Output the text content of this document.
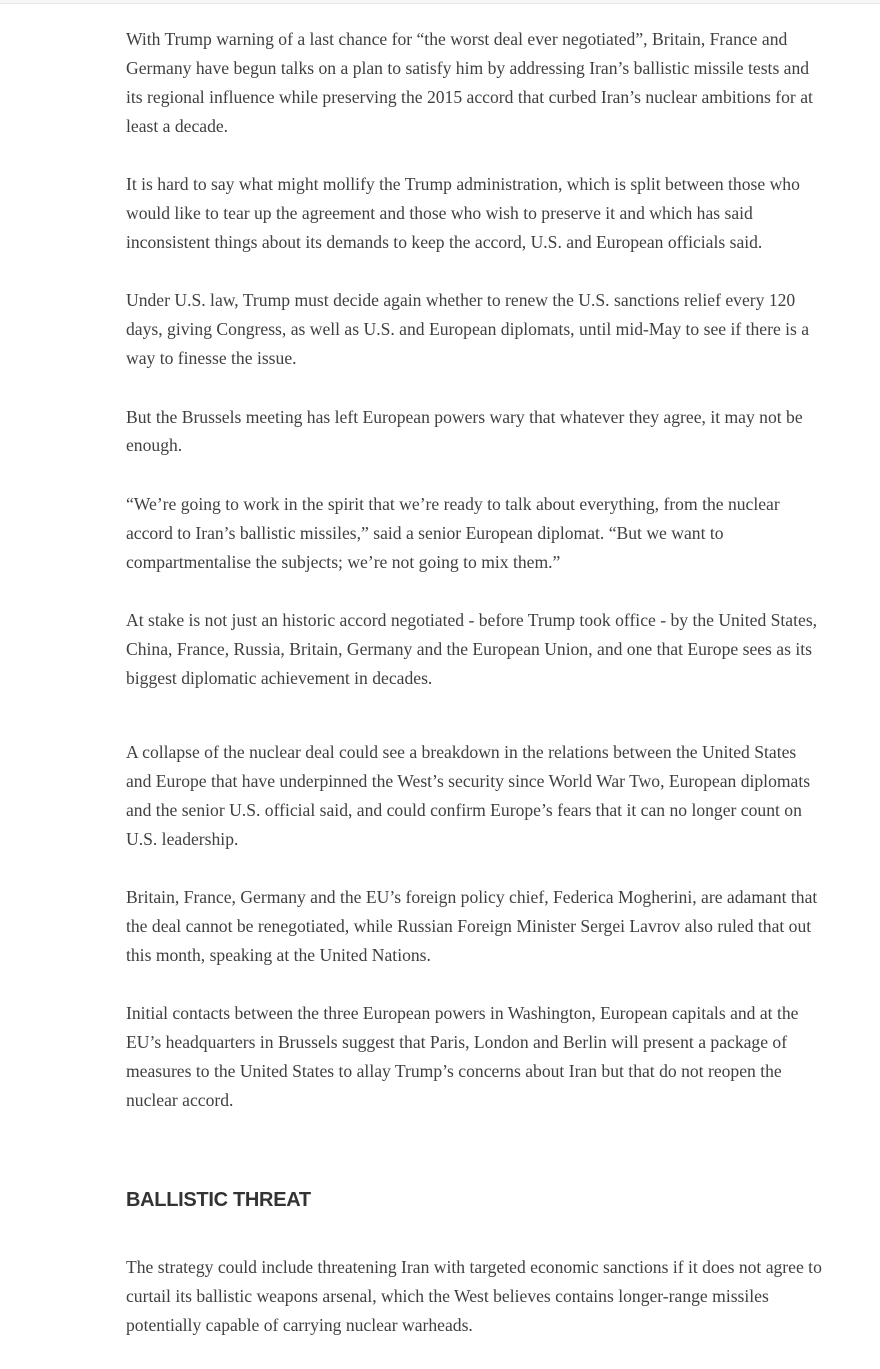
With Trump warning of a last chance for “the worst deal ever negotiated”, Britain, France and Germany have begun talks on a plan to satisfy him by addressing Iran’s ballistic missile tests and its regional influence while preserving the 2015 accord that curbed Iran’s nuclear ambitions for at least a decade.

It is hard to say what might mollify the Trump administration, which is split between those who would like to tear up the agreement and those who wish to preserve it and which has said inconsistent things about its demands to keep the accord, U.S. and European officials said.

Under U.S. law, Trump must decide again whether to renew the U.S. sanctions relief every 120 days, giving Congress, as well as U.S. and European diplomats, until mid-May to see if there is a way to finesse the issue.

But the Brussels meeting has left European powers wary that whatever they agree, it may not be enough.

“We’re going to work in the spirit that we’re ready to talk about everything, from the nuclear accord to Iran’s ballistic missiles,” said a senior European diplomat. “But we want to compartmentalise the subjects; we’re not going to mix them.”

At stake is not just an historic accord negotiated - before Trump took office - by the United States, China, France, Russia, Britain, Germany and the European Union, and one that Europe sees as its biggest diplomatic achievement in decades.

A collapse of the nuclear deal could see a breakdown in the relations between the United States and Europe that have underpinned the West’s security since World War Two, European diplomats and the senior U.S. official said, and could confirm Europe’s fears that it can no longer count on U.S. leadership.

Britain, France, Germany and the EU’s foreign policy chief, Federica Mogherini, are adamant that the deal cannot be renegotiated, while Russian Foreign Minister Sergei Lavrov also ruled that out this month, speaking at the United Nations.

Initial contacts between the three European powers in Washington, European capitals and at the EU’s headquarters in Brussels suggest that Paris, London and Berlin will present a package of measures to the United States to allay Trump’s concerns about Iran but that do not reopen the nuclear accord.

BALLISTIC THREAT

The strategy could include threatening Iran with targeted economic sanctions if it does not agree to curtail its ballistic weapons arsenal, which the West believes contains longer-range missiles potentially capable of carrying nuclear warheads.
